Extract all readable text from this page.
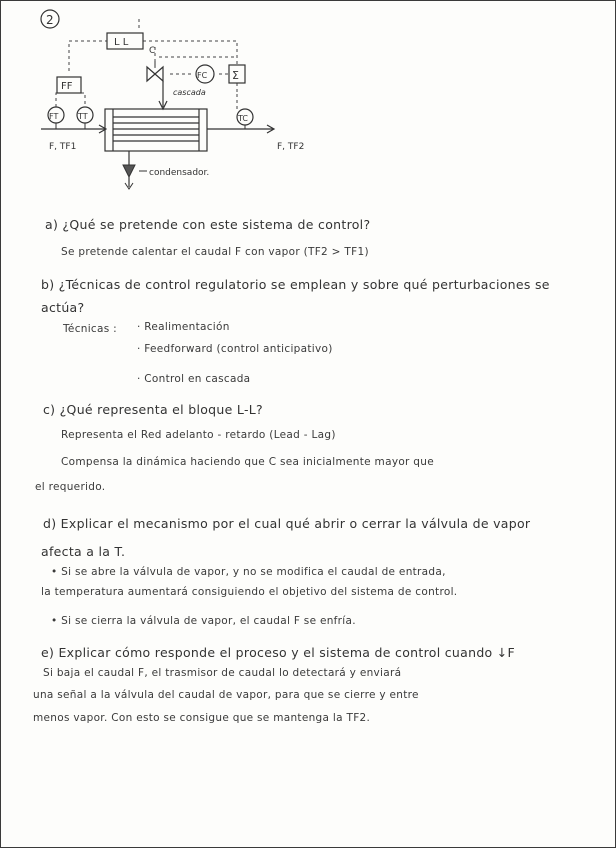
2
L L
C
FC Σ
cascada
FF
FT TT
F, TF1	F, TF2
TC
condensador.
a) ¿Qué se pretende con este sistema de control?
Se pretende calentar el caudal F con vapor (TF2 > TF1)
b) ¿Técnicas de control regulatorio se emplean y sobre qué perturbaciones se
actúa?
Técnicas : · Realimentación
· Feedforward (control anticipativo)
· Control en cascada
c) ¿Qué representa el bloque L-L?
Representa el Red adelanto - retardo (Lead - Lag)
Compensa la dinámica haciendo que C sea inicialmente mayor que
el requerido.
d) Explicar el mecanismo por el cual qué abrir o cerrar la válvula de vapor
afecta a la T.
• Si se abre la válvula de vapor, y no se modifica el caudal de entrada,
la temperatura aumentará consiguiendo el objetivo del sistema de control.
• Si se cierra la válvula de vapor, el caudal F se enfría.
e) Explicar cómo responde el proceso y el sistema de control cuando ↓F
Si baja el caudal F, el trasmisor de caudal lo detectará y enviará
una señal a la válvula del caudal de vapor, para que se cierre y entre
menos vapor. Con esto se consigue que se mantenga la TF2.
